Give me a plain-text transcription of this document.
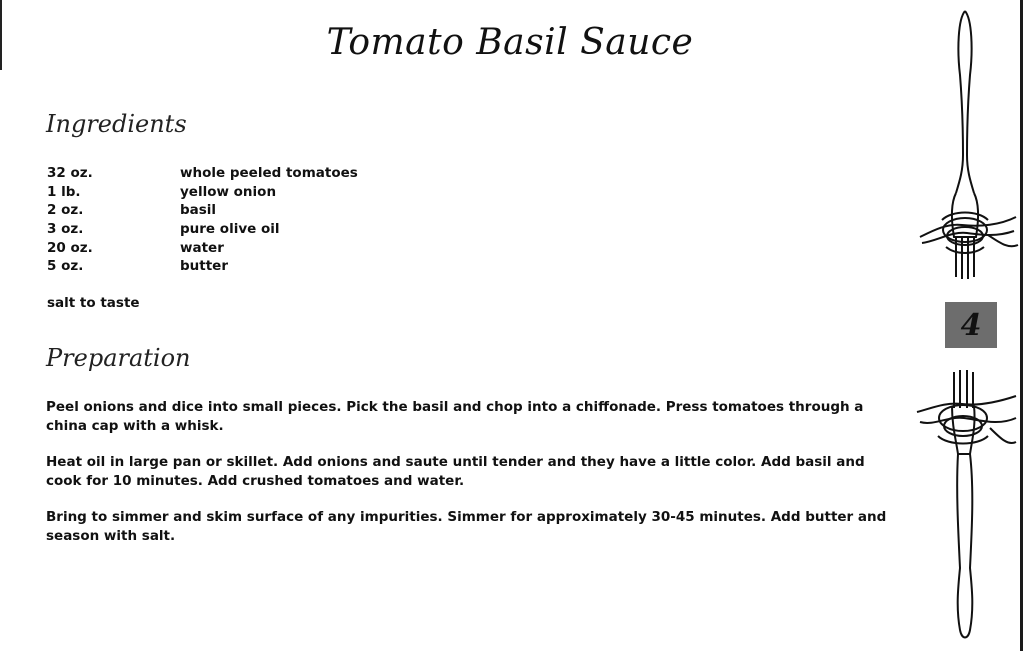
Tomato Basil Sauce
Ingredients
32 oz.	whole peeled tomatoes
1 lb.	yellow onion
2 oz.	basil
3 oz.	pure olive oil
20 oz.	water
5 oz.	butter
salt to taste
Preparation

Peel onions and dice into small pieces. Pick the basil and chop into a chiffonade. Press tomatoes through a china cap with a whisk.

Heat oil in large pan or skillet. Add onions and saute until tender and they have a little color. Add basil and cook for 10 minutes. Add crushed tomatoes and water.

Bring to simmer and skim surface of any impurities. Simmer for approximately 30-45 minutes. Add butter and season with salt.

4
